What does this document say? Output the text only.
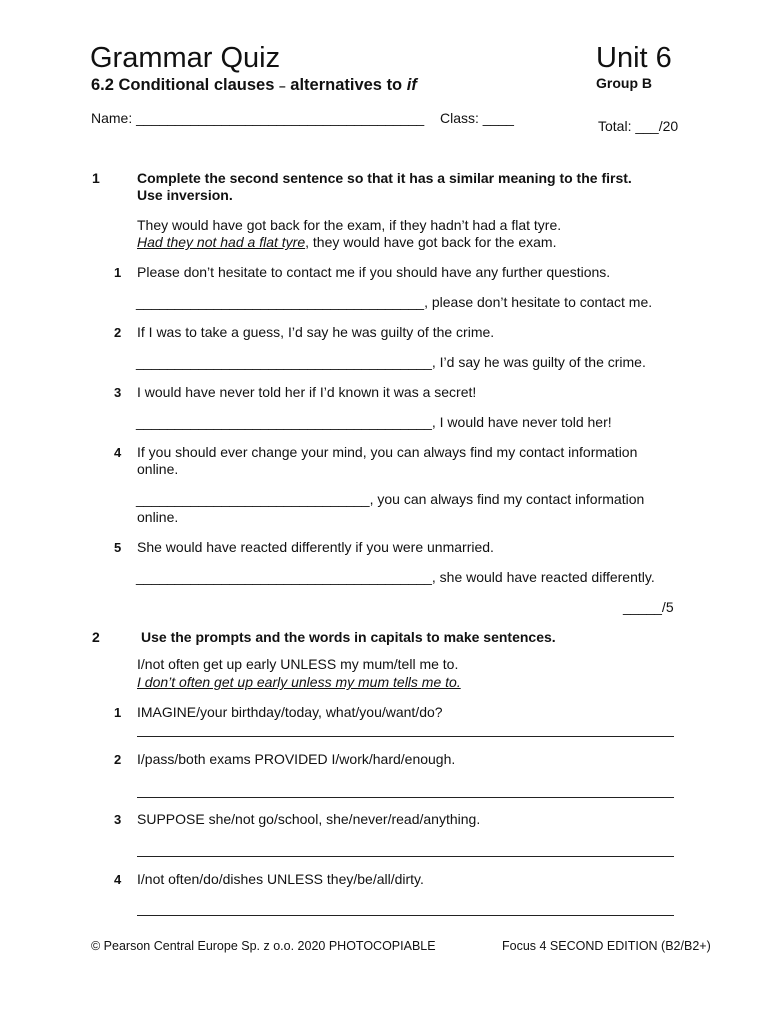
Grammar Quiz	Unit 6
6.2 Conditional clauses – alternatives to if	Group B
Name: _____________________________________ Class: ____	Total: ___/20
1	Complete the second sentence so that it has a similar meaning to the first.
Use inversion.
They would have got back for the exam, if they hadn’t had a flat tyre.
Had they not had a flat tyre, they would have got back for the exam.
1 Please don’t hesitate to contact me if you should have any further questions.
_____________________________________, please don’t hesitate to contact me.
2 If I was to take a guess, I’d say he was guilty of the crime.
______________________________________, I’d say he was guilty of the crime.
3 I would have never told her if I’d known it was a secret!
______________________________________, I would have never told her!
4 If you should ever change your mind, you can always find my contact information
online.
______________________________, you can always find my contact information
online.
5 She would have reacted differently if you were unmarried.
______________________________________, she would have reacted differently.
_____/5
2	Use the prompts and the words in capitals to make sentences.
I/not often get up early UNLESS my mum/tell me to.
I don’t often get up early unless my mum tells me to.
1 IMAGINE/your birthday/today, what/you/want/do?
2 I/pass/both exams PROVIDED I/work/hard/enough.
3 SUPPOSE she/not go/school, she/never/read/anything.
4 I/not often/do/dishes UNLESS they/be/all/dirty.
© Pearson Central Europe Sp. z o.o. 2020 PHOTOCOPIABLE	Focus 4 SECOND EDITION (B2/B2+)
